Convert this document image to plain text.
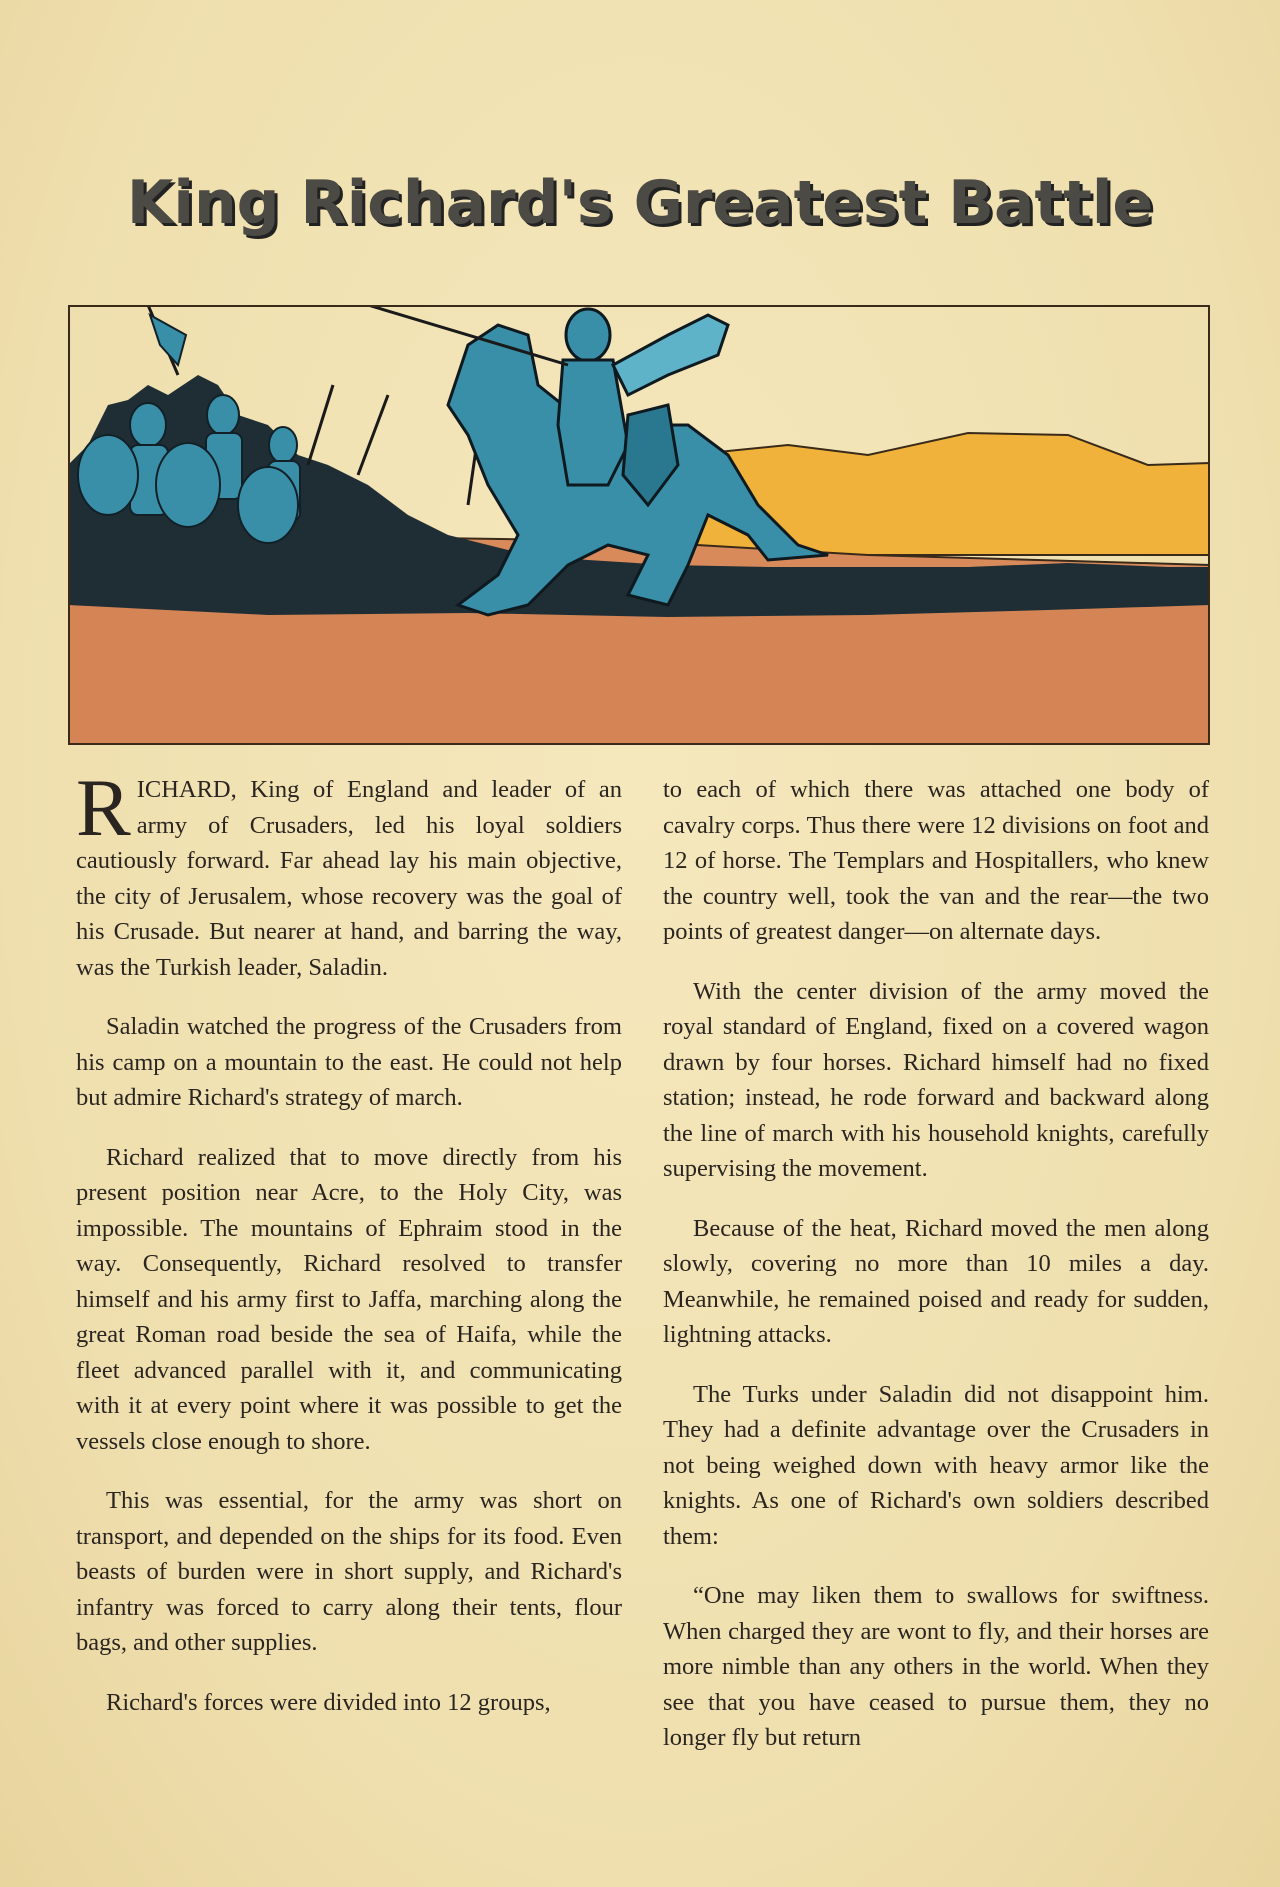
King Richard's Greatest Battle

RICHARD, King of England and leader of an army of Crusaders, led his loyal soldiers cautiously forward. Far ahead lay his main objective, the city of Jerusalem, whose recovery was the goal of his Crusade. But nearer at hand, and barring the way, was the Turkish leader, Saladin.

Saladin watched the progress of the Crusaders from his camp on a mountain to the east. He could not help but admire Richard's strategy of march.

Richard realized that to move directly from his present position near Acre, to the Holy City, was impossible. The mountains of Ephraim stood in the way. Consequently, Richard resolved to transfer himself and his army first to Jaffa, marching along the great Roman road beside the sea of Haifa, while the fleet advanced parallel with it, and communicating with it at every point where it was possible to get the vessels close enough to shore.

This was essential, for the army was short on transport, and depended on the ships for its food. Even beasts of burden were in short supply, and Richard's infantry was forced to carry along their tents, flour bags, and other supplies.

Richard's forces were divided into 12 groups,

to each of which there was attached one body of cavalry corps. Thus there were 12 divisions on foot and 12 of horse. The Templars and Hospitallers, who knew the country well, took the van and the rear—the two points of greatest danger—on alternate days.

With the center division of the army moved the royal standard of England, fixed on a covered wagon drawn by four horses. Richard himself had no fixed station; instead, he rode forward and backward along the line of march with his household knights, carefully supervising the movement.

Because of the heat, Richard moved the men along slowly, covering no more than 10 miles a day. Meanwhile, he remained poised and ready for sudden, lightning attacks.

The Turks under Saladin did not disappoint him. They had a definite advantage over the Crusaders in not being weighed down with heavy armor like the knights. As one of Richard's own soldiers described them:

“One may liken them to swallows for swiftness. When charged they are wont to fly, and their horses are more nimble than any others in the world. When they see that you have ceased to pursue them, they no longer fly but return
